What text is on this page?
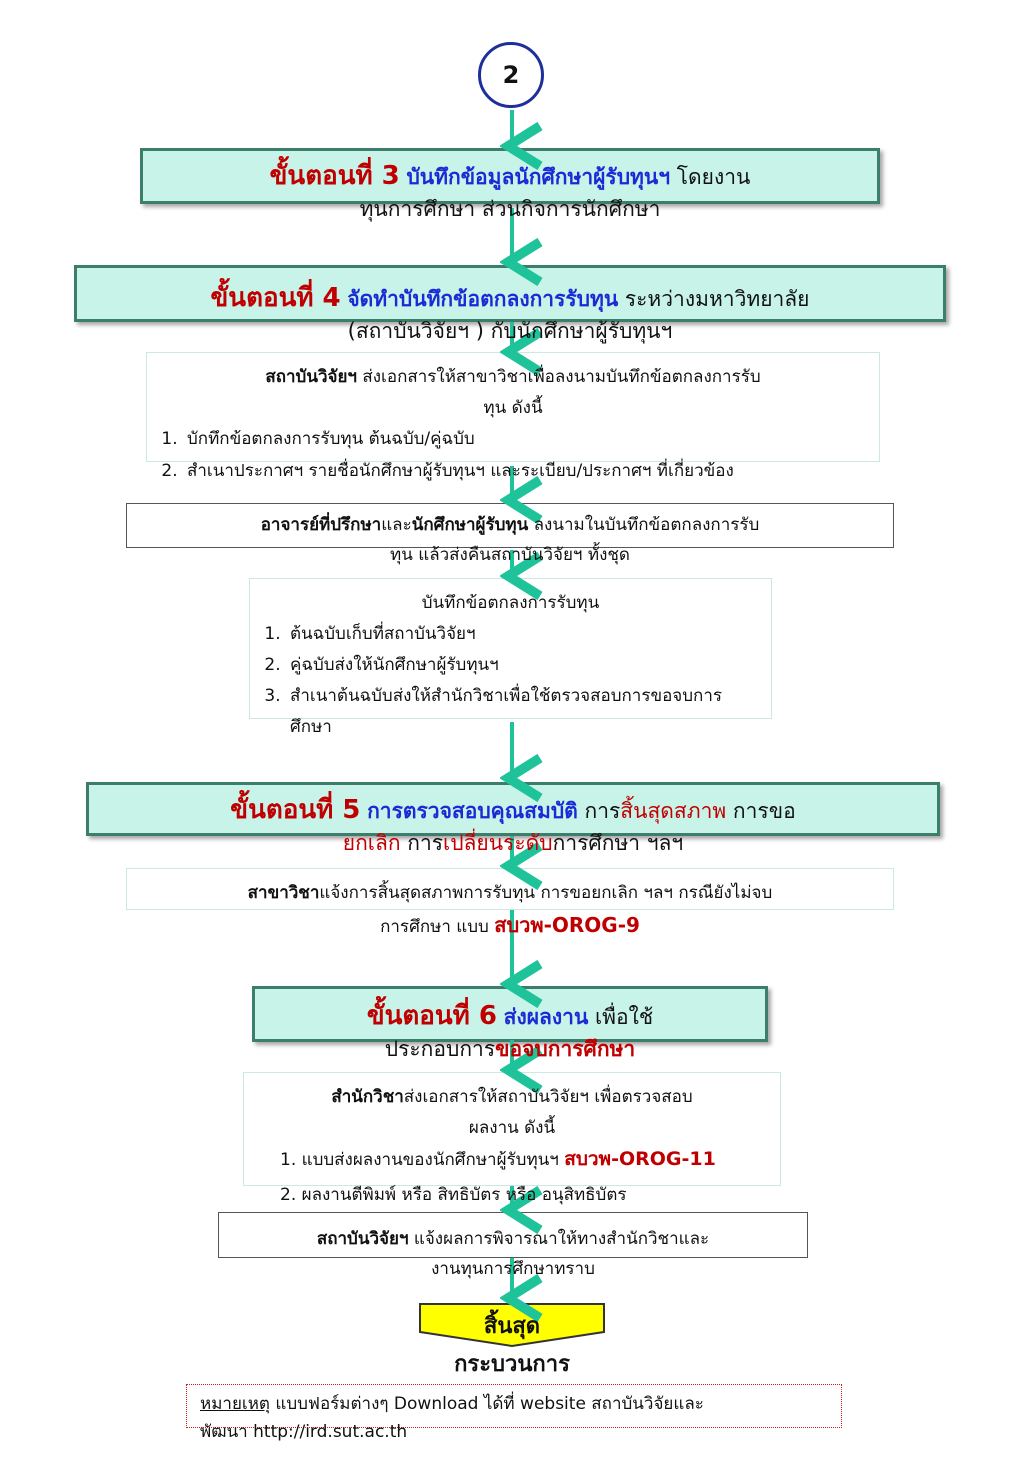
2
ขั้นตอนที่ 3 บันทึกข้อมูลนักศึกษาผู้รับทุนฯ โดยงาน
ทุนการศึกษา ส่วนกิจการนักศึกษา
ขั้นตอนที่ 4 จัดทำบันทึกข้อตกลงการรับทุน ระหว่างมหาวิทยาลัย
(สถาบันวิจัยฯ ) กับนักศึกษาผู้รับทุนฯ
สถาบันวิจัยฯ ส่งเอกสารให้สาขาวิชาเพื่อลงนามบันทึกข้อตกลงการรับ
ทุน ดังนี้
1. บักทึกข้อตกลงการรับทุน ต้นฉบับ/คู่ฉบับ
2. สำเนาประกาศฯ รายชื่อนักศึกษาผู้รับทุนฯ และระเบียบ/ประกาศฯ ที่เกี่ยวข้อง
อาจารย์ที่ปรึกษาและนักศึกษาผู้รับทุน ลงนามในบันทึกข้อตกลงการรับ
ทุน แล้วส่งคืนสถาบันวิจัยฯ ทั้งชุด
บันทึกข้อตกลงการรับทุน
1. ต้นฉบับเก็บที่สถาบันวิจัยฯ
2. คู่ฉบับส่งให้นักศึกษาผู้รับทุนฯ
3. สำเนาต้นฉบับส่งให้สำนักวิชาเพื่อใช้ตรวจสอบการขอจบการศึกษา
ขั้นตอนที่ 5 การตรวจสอบคุณสมบัติ การสิ้นสุดสภาพ การขอ
ยกเลิก การเปลี่ยนระดับการศึกษา ฯลฯ
สาขาวิชาแจ้งการสิ้นสุดสภาพการรับทุน การขอยกเลิก ฯลฯ กรณียังไม่จบ
การศึกษา แบบ สบวพ-OROG-9
ขั้นตอนที่ 6 ส่งผลงาน เพื่อใช้
ประกอบการขอจบการศึกษา
สำนักวิชาส่งเอกสารให้สถาบันวิจัยฯ เพื่อตรวจสอบ
ผลงาน ดังนี้
1. แบบส่งผลงานของนักศึกษาผู้รับทุนฯ สบวพ-OROG-11
2. ผลงานตีพิมพ์ หรือ สิทธิบัตร หรือ อนุสิทธิบัตร
สถาบันวิจัยฯ แจ้งผลการพิจารณาให้ทางสำนักวิชาและ
งานทุนการศึกษาทราบ
สิ้นสุด
กระบวนการ
หมายเหตุ แบบฟอร์มต่างๆ Download ได้ที่ website สถาบันวิจัยและ
พัฒนา http://ird.sut.ac.th
